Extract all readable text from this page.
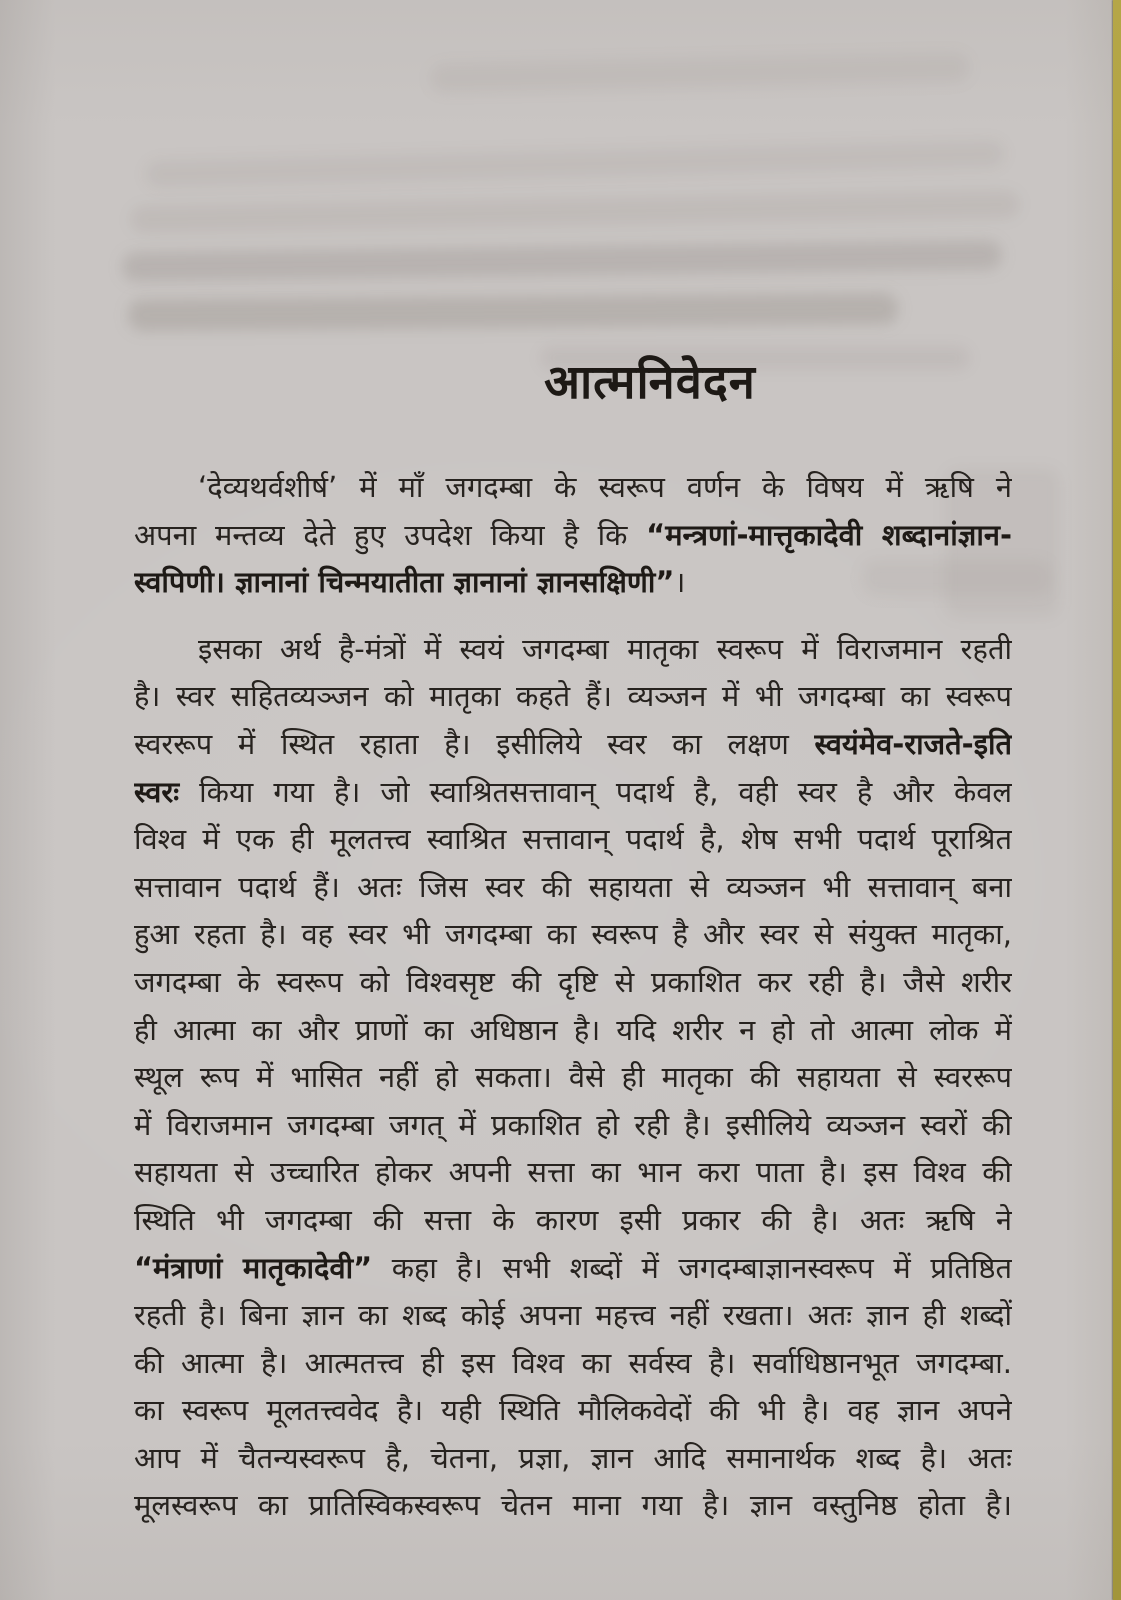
आत्मनिवेदन
‘देव्यथर्वशीर्ष’ में माँ जगदम्बा के स्वरूप वर्णन के विषय में ऋषि ने
अपना मन्तव्य देते हुए उपदेश किया है कि “मन्त्रणां-मात्तृकादेवी शब्दानांज्ञान-
स्वपिणी। ज्ञानानां चिन्मयातीता ज्ञानानां ज्ञानसक्षिणी”।
इसका अर्थ है-मंत्रों में स्वयं जगदम्बा मातृका स्वरूप में विराजमान रहती
है। स्वर सहितव्यञ्जन को मातृका कहते हैं। व्यञ्जन में भी जगदम्बा का स्वरूप
स्वररूप में स्थित रहाता है। इसीलिये स्वर का लक्षण स्वयंमेव-राजते-इति
स्वरः किया गया है। जो स्वाश्रितसत्तावान् पदार्थ है, वही स्वर है और केवल
विश्व में एक ही मूलतत्त्व स्वाश्रित सत्तावान् पदार्थ है, शेष सभी पदार्थ पूराश्रित
सत्तावान पदार्थ हैं। अतः जिस स्वर की सहायता से व्यञ्जन भी सत्तावान् बना
हुआ रहता है। वह स्वर भी जगदम्बा का स्वरूप है और स्वर से संयुक्त मातृका,
जगदम्बा के स्वरूप को विश्वसृष्ट की दृष्टि से प्रकाशित कर रही है। जैसे शरीर
ही आत्मा का और प्राणों का अधिष्ठान है। यदि शरीर न हो तो आत्मा लोक में
स्थूल रूप में भासित नहीं हो सकता। वैसे ही मातृका की सहायता से स्वररूप
में विराजमान जगदम्बा जगत् में प्रकाशित हो रही है। इसीलिये व्यञ्जन स्वरों की
सहायता से उच्चारित होकर अपनी सत्ता का भान करा पाता है। इस विश्व की
स्थिति भी जगदम्बा की सत्ता के कारण इसी प्रकार की है। अतः ऋषि ने
“मंत्राणां मातृकादेवी” कहा है। सभी शब्दों में जगदम्बाज्ञानस्वरूप में प्रतिष्ठित
रहती है। बिना ज्ञान का शब्द कोई अपना महत्त्व नहीं रखता। अतः ज्ञान ही शब्दों
की आत्मा है। आत्मतत्त्व ही इस विश्व का सर्वस्व है। सर्वाधिष्ठानभूत जगदम्बा.
का स्वरूप मूलतत्त्ववेद है। यही स्थिति मौलिकवेदों की भी है। वह ज्ञान अपने
आप में चैतन्यस्वरूप है, चेतना, प्रज्ञा, ज्ञान आदि समानार्थक शब्द है। अतः
मूलस्वरूप का प्रातिस्विकस्वरूप चेतन माना गया है। ज्ञान वस्तुनिष्ठ होता है।
